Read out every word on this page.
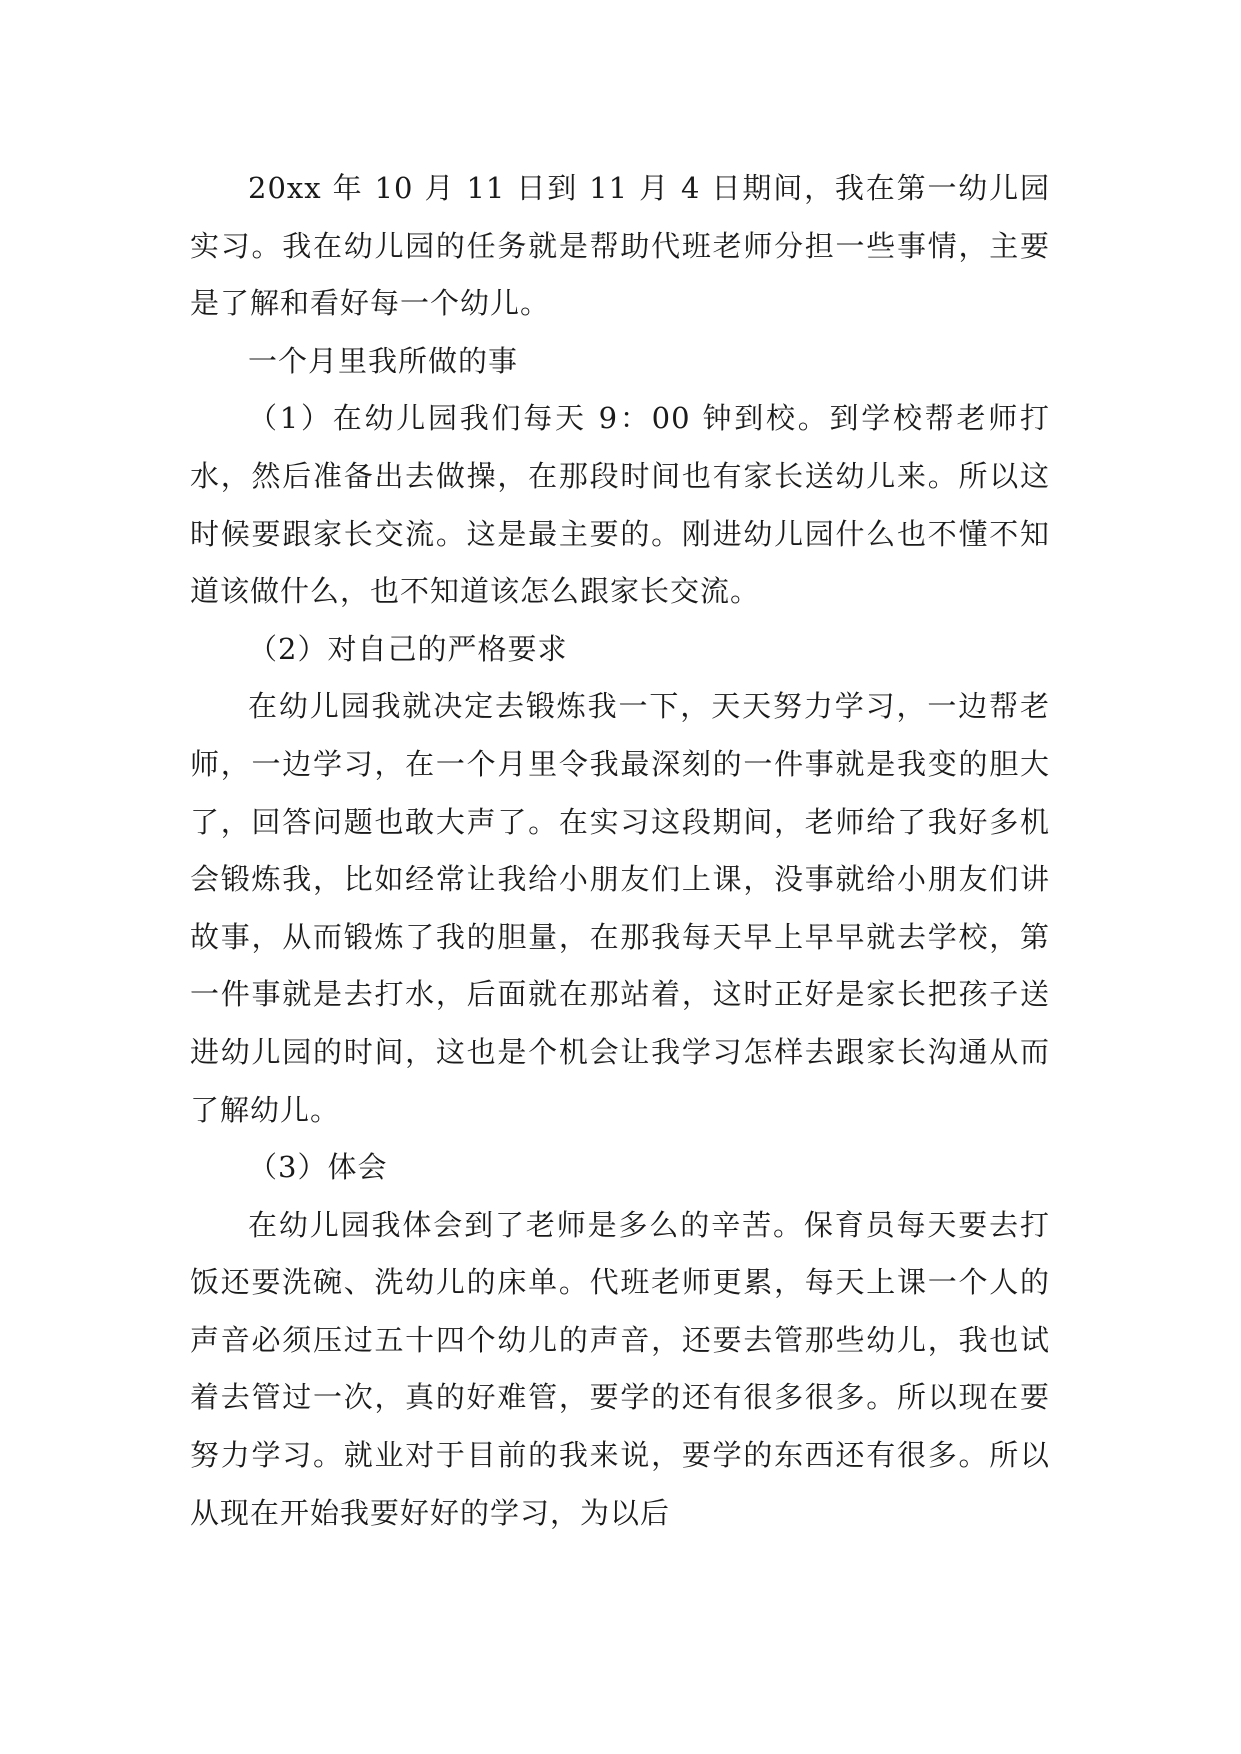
20xx 年 10 月 11 日到 11 月 4 日期间，我在第一幼儿园实习。我在幼儿园的任务就是帮助代班老师分担一些事情，主要是了解和看好每一个幼儿。

一个月里我所做的事

（1）在幼儿园我们每天 9：00 钟到校。到学校帮老师打水，然后准备出去做操，在那段时间也有家长送幼儿来。所以这时候要跟家长交流。这是最主要的。刚进幼儿园什么也不懂不知道该做什么，也不知道该怎么跟家长交流。

（2）对自己的严格要求

在幼儿园我就决定去锻炼我一下，天天努力学习，一边帮老师，一边学习，在一个月里令我最深刻的一件事就是我变的胆大了，回答问题也敢大声了。在实习这段期间，老师给了我好多机会锻炼我，比如经常让我给小朋友们上课，没事就给小朋友们讲故事，从而锻炼了我的胆量，在那我每天早上早早就去学校，第一件事就是去打水，后面就在那站着，这时正好是家长把孩子送进幼儿园的时间，这也是个机会让我学习怎样去跟家长沟通从而了解幼儿。

（3）体会

在幼儿园我体会到了老师是多么的辛苦。保育员每天要去打饭还要洗碗、洗幼儿的床单。代班老师更累，每天上课一个人的声音必须压过五十四个幼儿的声音，还要去管那些幼儿，我也试着去管过一次，真的好难管，要学的还有很多很多。所以现在要努力学习。就业对于目前的我来说，要学的东西还有很多。所以从现在开始我要好好的学习，为以后
